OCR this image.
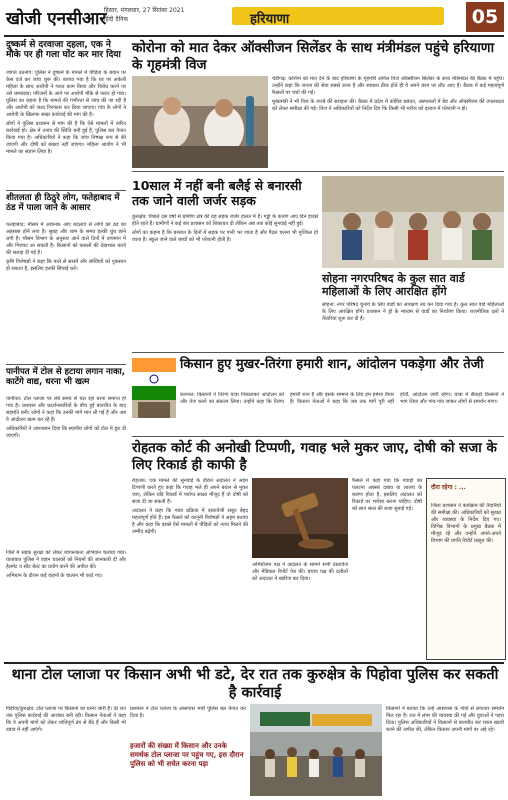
खोजी एनसीआर
हिसार, मंगलवार, 27 सितंबर 2021
हिंदी दैनिक	हरियाणा	05
दुष्कर्म से दरवाजा दहला, एक ने मौके पर ही गला घोंट कर मार दिया

जागते उठनांग: पुलिस ने दुष्कर्म के मामले में पीड़िता के बयान पर केस दर्ज कर जांच शुरू की। बताया गया है कि घर पर अकेली महिला के साथ आरोपी ने गलत काम किया और विरोध करने पर उसे धमकाया। परिजनों के आने पर आरोपी मौके से फरार हो गया। पुलिस का कहना है कि मामले की गंभीरता से जांच की जा रही है और आरोपी को जल्द गिरफ्तार कर लिया जाएगा। गांव के लोगों ने आरोपी के खिलाफ सख्त कार्रवाई की मांग की है।

लोगों ने पुलिस प्रशासन से मांग की है कि ऐसे मामलों में त्वरित कार्रवाई हो। क्षेत्र में तनाव की स्थिति बनी हुई है, पुलिस बल तैनात किया गया है। अधिकारियों ने कहा कि जांच निष्पक्ष रूप से की जाएगी और दोषी को बख्शा नहीं जाएगा। महिला आयोग ने भी मामले का संज्ञान लिया है।

शीतलता ही ठिठुरे लोग, फतेहाबाद में ठंड में पाला जाने के आसार

फतेहाबाद: मौसम में अचानक आए बदलाव से लोगों को ठंड का अहसास होने लगा है। सुबह और शाम के समय हल्की धुंध छाने लगी है। मौसम विभाग के अनुसार आने वाले दिनों में तापमान में और गिरावट आ सकती है। किसानों को फसलों की देखभाल करने की सलाह दी गई है।

कृषि विशेषज्ञों ने कहा कि पाले से सरसों और सब्जियों को नुकसान हो सकता है, इसलिए हल्की सिंचाई करें।

पानीपत में टोल से हटाया लगान नाका, काटेंगे वाद्य, धरना भी खत्म

पानीपत: टोल प्लाजा पर लंबे समय से चल रहा धरना समाप्त हो गया है। प्रशासन और प्रदर्शनकारियों के बीच हुई बातचीत के बाद सहमति बनी। लोगों ने कहा कि उनकी मांगें मान ली गई हैं और अब वे आंदोलन खत्म कर रहे हैं।

अधिकारियों ने आश्वासन दिया कि स्थानीय लोगों को टोल में छूट दी जाएगी।

कोरोना को मात देकर ऑक्सीजन सिलेंडर के साथ मंत्रीमंडल पहुंचे हरियाणा के गृहमंत्री विज

चंडीगढ़: कोरोना को मात देने के बाद हरियाणा के गृहमंत्री अनिल विज ऑक्सीजन सिलेंडर के साथ मंत्रिमंडल की बैठक में पहुंचे। उन्होंने कहा कि जनता की सेवा सबसे ऊपर है और स्वास्थ्य ठीक होते ही वे अपने काम पर लौट आए हैं। बैठक में कई महत्वपूर्ण फैसलों पर चर्चा की गई।

मुख्यमंत्री ने भी विज के जज्बे की सराहना की। बैठक में प्रदेश में कोविड प्रबंधन, अस्पतालों में बेड और ऑक्सीजन की उपलब्धता को लेकर समीक्षा की गई। विज ने अधिकारियों को निर्देश दिए कि किसी भी मरीज को इलाज में परेशानी न हो।

10साल में नहीं बनी बलैई से बनारसी तक जाने वाली जर्जर सड़क

कुरुक्षेत्र: पिछले दस वर्षों से ग्रामीण क्षेत्र की यह सड़क जर्जर हालत में है। गड्ढों के कारण आए दिन हादसे होते रहते हैं। ग्रामीणों ने कई बार प्रशासन को शिकायत दी लेकिन अब तक कोई सुनवाई नहीं हुई।

लोगों का कहना है कि बरसात के दिनों में सड़क पर पानी भर जाता है और पैदल चलना भी मुश्किल हो जाता है। स्कूल जाने वाले बच्चों को भी परेशानी होती है।

सोहना नगरपरिषद के कुल सात वार्ड महिलाओं के लिए आरक्षित होंगे

सोहना: नगर परिषद चुनाव के लिए वार्डों का आरक्षण तय कर दिया गया है। कुल सात वार्ड महिलाओं के लिए आरक्षित होंगे। प्रशासन ने ड्रॉ के माध्यम से वार्डों का निर्धारण किया। राजनीतिक दलों ने तैयारियां शुरू कर दी हैं।

किसान हुए मुखर-तिरंगा हमारी शान, आंदोलन पकड़ेगा और तेजी

करनाल: किसानों ने तिरंगा यात्रा निकालकर आंदोलन को और तेज करने का संकल्प लिया। उन्होंने कहा कि तिरंगा हमारी शान है और इसके सम्मान के लिए हम हमेशा तैयार हैं। किसान नेताओं ने कहा कि जब तक मांगें पूरी नहीं होतीं, आंदोलन जारी रहेगा। यात्रा में सैकड़ों किसानों ने भाग लिया और गांव-गांव जाकर लोगों से समर्थन मांगा।

रोहतक कोर्ट की अनोखी टिप्पणी, गवाह भले मुकर जाए, दोषी को सजा के लिए रिकार्ड ही काफी है

रोहतक: एक मामले की सुनवाई के दौरान अदालत ने अहम टिप्पणी करते हुए कहा कि गवाह भले ही अपने बयान से मुकर जाए, लेकिन यदि रिकार्ड में पर्याप्त साक्ष्य मौजूद हैं तो दोषी को सजा दी जा सकती है।

अदालत ने कहा कि न्याय प्रक्रिया में दस्तावेजी सबूत बेहद महत्वपूर्ण होते हैं। इस फैसले को कानूनी विशेषज्ञों ने अहम बताया है और कहा कि इससे ऐसे मामलों में पीड़ितों को न्याय मिलने की उम्मीद बढ़ेगी।

अभियोजन पक्ष ने अदालत के सामने सभी दस्तावेज और मेडिकल रिपोर्ट पेश की। बचाव पक्ष की दलीलों को अदालत ने खारिज कर दिया।

फैसले में कहा गया कि गवाहों का पलटना अक्सर दबाव या लालच के कारण होता है, इसलिए अदालत को रिकार्ड पर भरोसा करना चाहिए। दोषी को सात साल की सजा सुनाई गई।

दौरा रहेगा : ...

जिला प्रशासन ने कार्यक्रम की तैयारियों की समीक्षा की। अधिकारियों को सुरक्षा और व्यवस्था के निर्देश दिए गए। विभिन्न विभागों के प्रमुख बैठक में मौजूद रहे और उन्होंने अपने-अपने विभाग की प्रगति रिपोर्ट प्रस्तुत की।

जिले में सड़क सुरक्षा को लेकर जागरूकता अभियान चलाया गया। यातायात पुलिस ने वाहन चालकों को नियमों की जानकारी दी और हेलमेट व सीट बेल्ट का प्रयोग करने की अपील की।

अभियान के दौरान कई वाहनों के चालान भी काटे गए।

थाना टोल प्लाजा पर किसान अभी भी डटे, देर रात तक कुरुक्षेत्र के पिहोवा पुलिस कर सकती है कार्रवाई

पिहोवा/कुरुक्षेत्र: टोल प्लाजा पर किसानों का धरना जारी है। देर रात तक पुलिस कार्रवाई की आशंका बनी रही। किसान नेताओं ने कहा कि वे अपनी मांगों को लेकर शांतिपूर्ण ढंग से बैठे हैं और किसी भी दबाव में नहीं आएंगे।

प्रशासन ने टोल प्लाजा के आसपास भारी पुलिस बल तैनात कर दिया है।

हजारों की संख्या में किसान और उनके समर्थक टोल प्लाजा पर पहुंच गए, इस दौरान पुलिस को भी सचेत करना पड़ा

किसानों ने बताया कि उन्हें आसपास के गांवों से लगातार समर्थन मिल रहा है। रात में लंगर की व्यवस्था की गई और युवाओं ने पहरा दिया। पुलिस अधिकारियों ने किसानों से बातचीत कर रास्ता खाली करने की अपील की, लेकिन किसान अपनी मांगों पर अड़े रहे।
